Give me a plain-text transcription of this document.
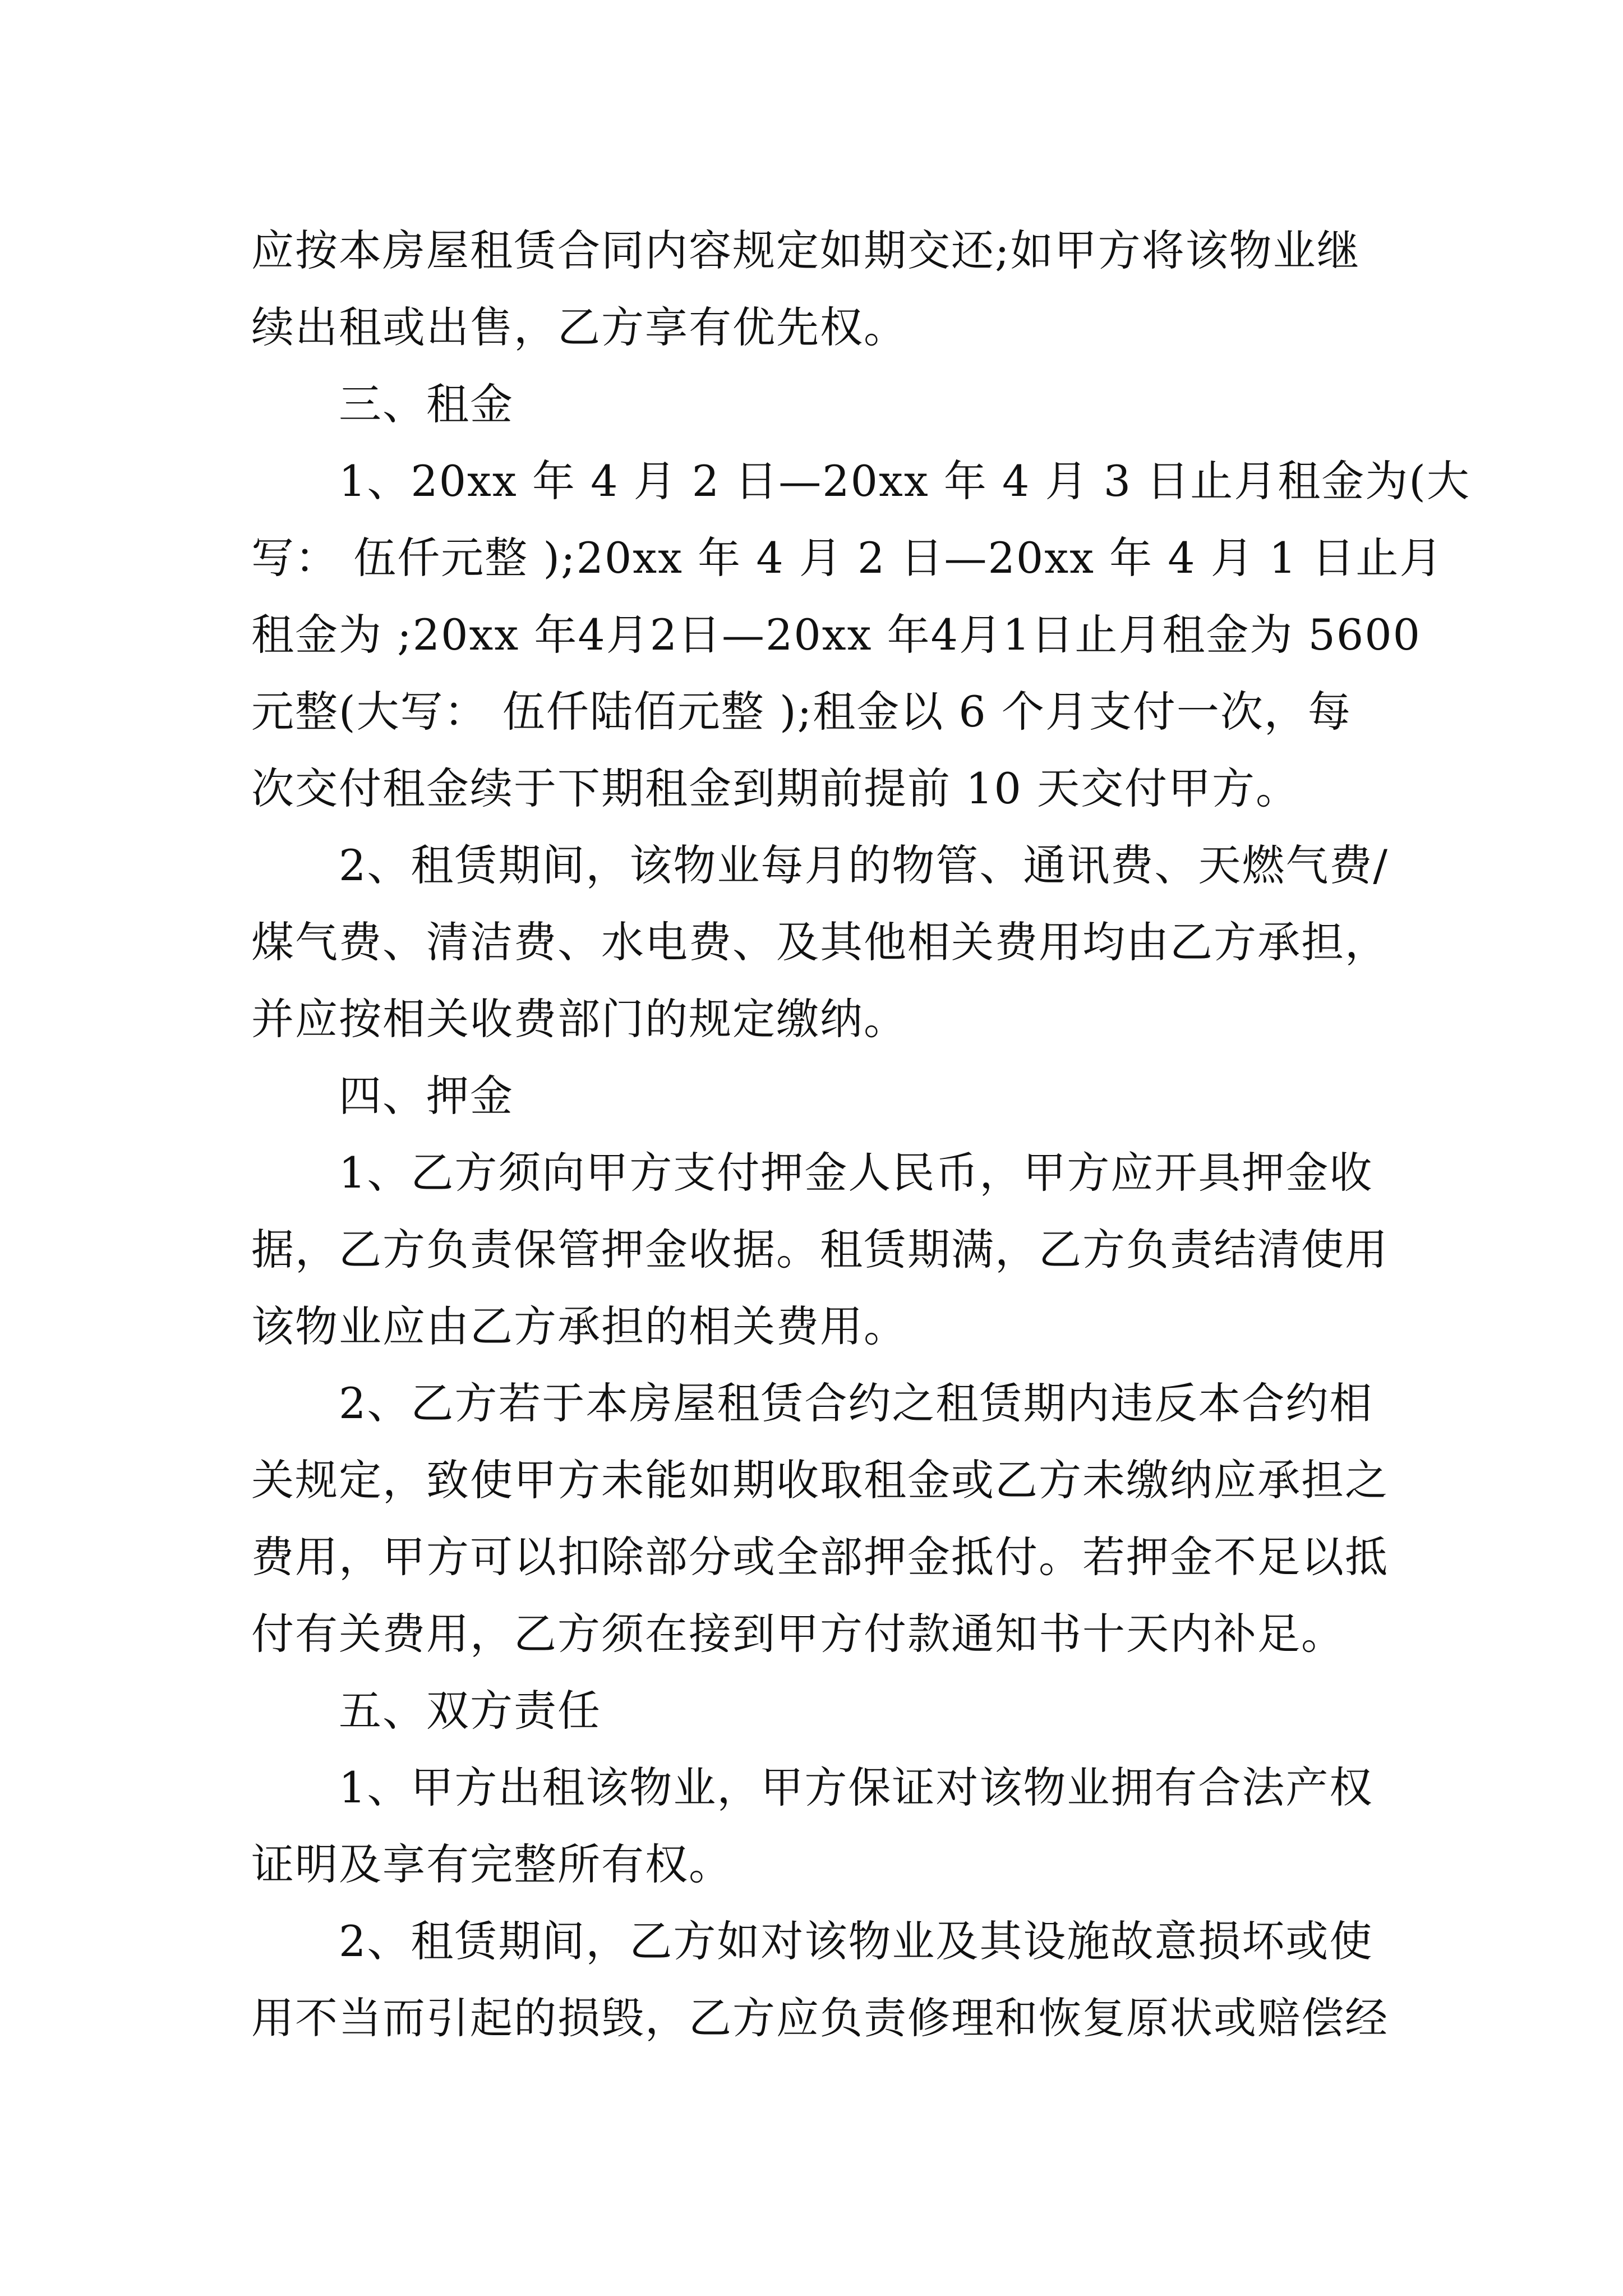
应按本房屋租赁合同内容规定如期交还;如甲方将该物业继
续出租或出售，乙方享有优先权。
三、租金
1、20xx 年 4 月 2 日—20xx 年 4 月 3 日止月租金为(大
写： 伍仟元整 );20xx 年 4 月 2 日—20xx 年 4 月 1 日止月
租金为 ;20xx 年4月2日—20xx 年4月1日止月租金为 5600
元整(大写： 伍仟陆佰元整 );租金以 6 个月支付一次，每
次交付租金续于下期租金到期前提前 10 天交付甲方。
2、租赁期间，该物业每月的物管、通讯费、天燃气费/
煤气费、清洁费、水电费、及其他相关费用均由乙方承担，
并应按相关收费部门的规定缴纳。
四、押金
1、乙方须向甲方支付押金人民币，甲方应开具押金收
据，乙方负责保管押金收据。租赁期满，乙方负责结清使用
该物业应由乙方承担的相关费用。
2、乙方若于本房屋租赁合约之租赁期内违反本合约相
关规定，致使甲方未能如期收取租金或乙方未缴纳应承担之
费用，甲方可以扣除部分或全部押金抵付。若押金不足以抵
付有关费用，乙方须在接到甲方付款通知书十天内补足。
五、双方责任
1、甲方出租该物业，甲方保证对该物业拥有合法产权
证明及享有完整所有权。
2、租赁期间，乙方如对该物业及其设施故意损坏或使
用不当而引起的损毁，乙方应负责修理和恢复原状或赔偿经
